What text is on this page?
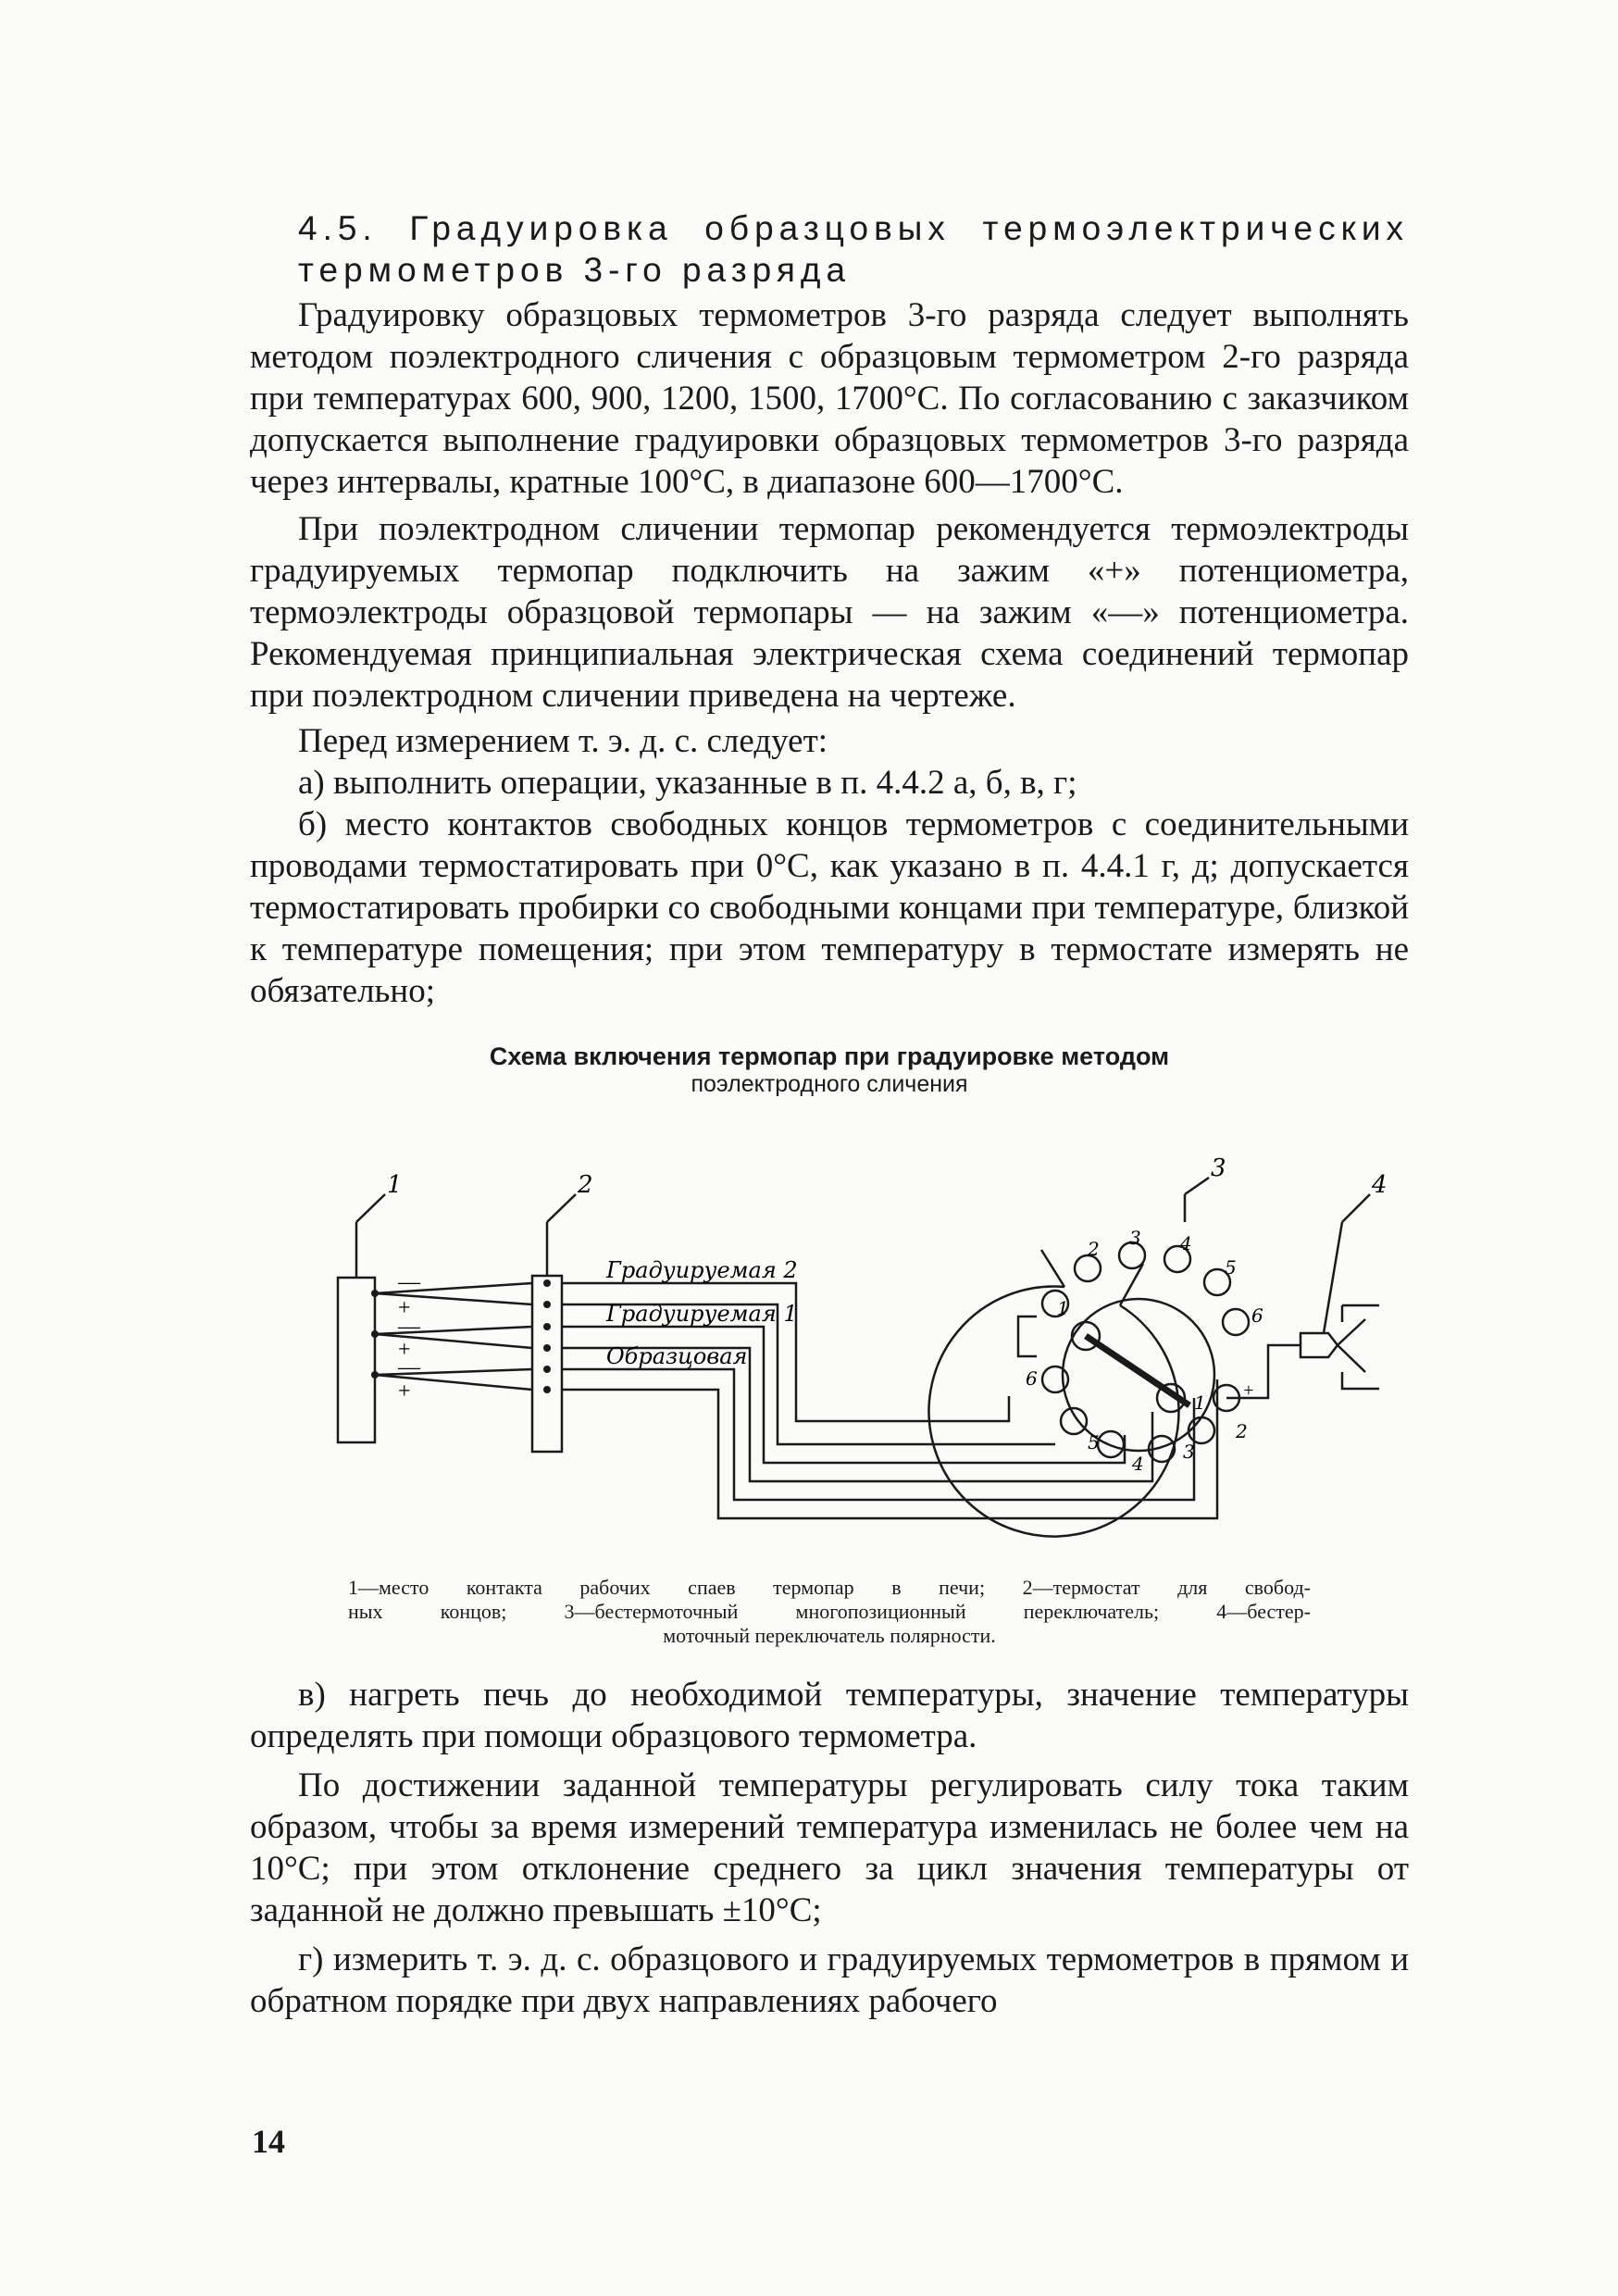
4.5. Градуировка образцовых термоэлектрических термометров 3-го разряда

Градуировку образцовых термометров 3-го разряда следует выполнять методом поэлектродного сличения с образцовым термометром 2-го разряда при температурах 600, 900, 1200, 1500, 1700°С. По согласованию с заказчиком допускается выполнение градуировки образцовых термометров 3-го разряда через интервалы, кратные 100°С, в диапазоне 600—1700°С.

При поэлектродном сличении термопар рекомендуется термоэлектроды градуируемых термопар подключить на зажим «+» потенциометра, термоэлектроды образцовой термопары — на зажим «—» потенциометра. Рекомендуемая принципиальная электрическая схема соединений термопар при поэлектродном сличении приведена на чертеже.

Перед измерением т. э. д. с. следует:

а) выполнить операции, указанные в п. 4.4.2 а, б, в, г;

б) место контактов свободных концов термометров с соединительными проводами термостатировать при 0°С, как указано в п. 4.4.1 г, д; допускается термостатировать пробирки со свободными концами при температуре, близкой к температуре помещения; при этом температуру в термостате измерять не обязательно;

Схема включения термопар при градуировке методом
поэлектродного сличения
1	2
3
4
Градуируемая 2
Градуируемая 1
Образцовая
—
+
—
+
—
+
1
2 3 4
5
6
1
2
3
4
5
6
+
1—место контакта рабочих спаев термопар в печи; 2—термостат для свобод-
ных концов; 3—бестермоточный многопозиционный переключатель; 4—бестер-
моточный переключатель полярности.

в) нагреть печь до необходимой температуры, значение температуры определять при помощи образцового термометра.

По достижении заданной температуры регулировать силу тока таким образом, чтобы за время измерений температура изменилась не более чем на 10°С; при этом отклонение среднего за цикл значения температуры от заданной не должно превышать ±10°С;

г) измерить т. э. д. с. образцового и градуируемых термометров в прямом и обратном порядке при двух направлениях рабочего

14
